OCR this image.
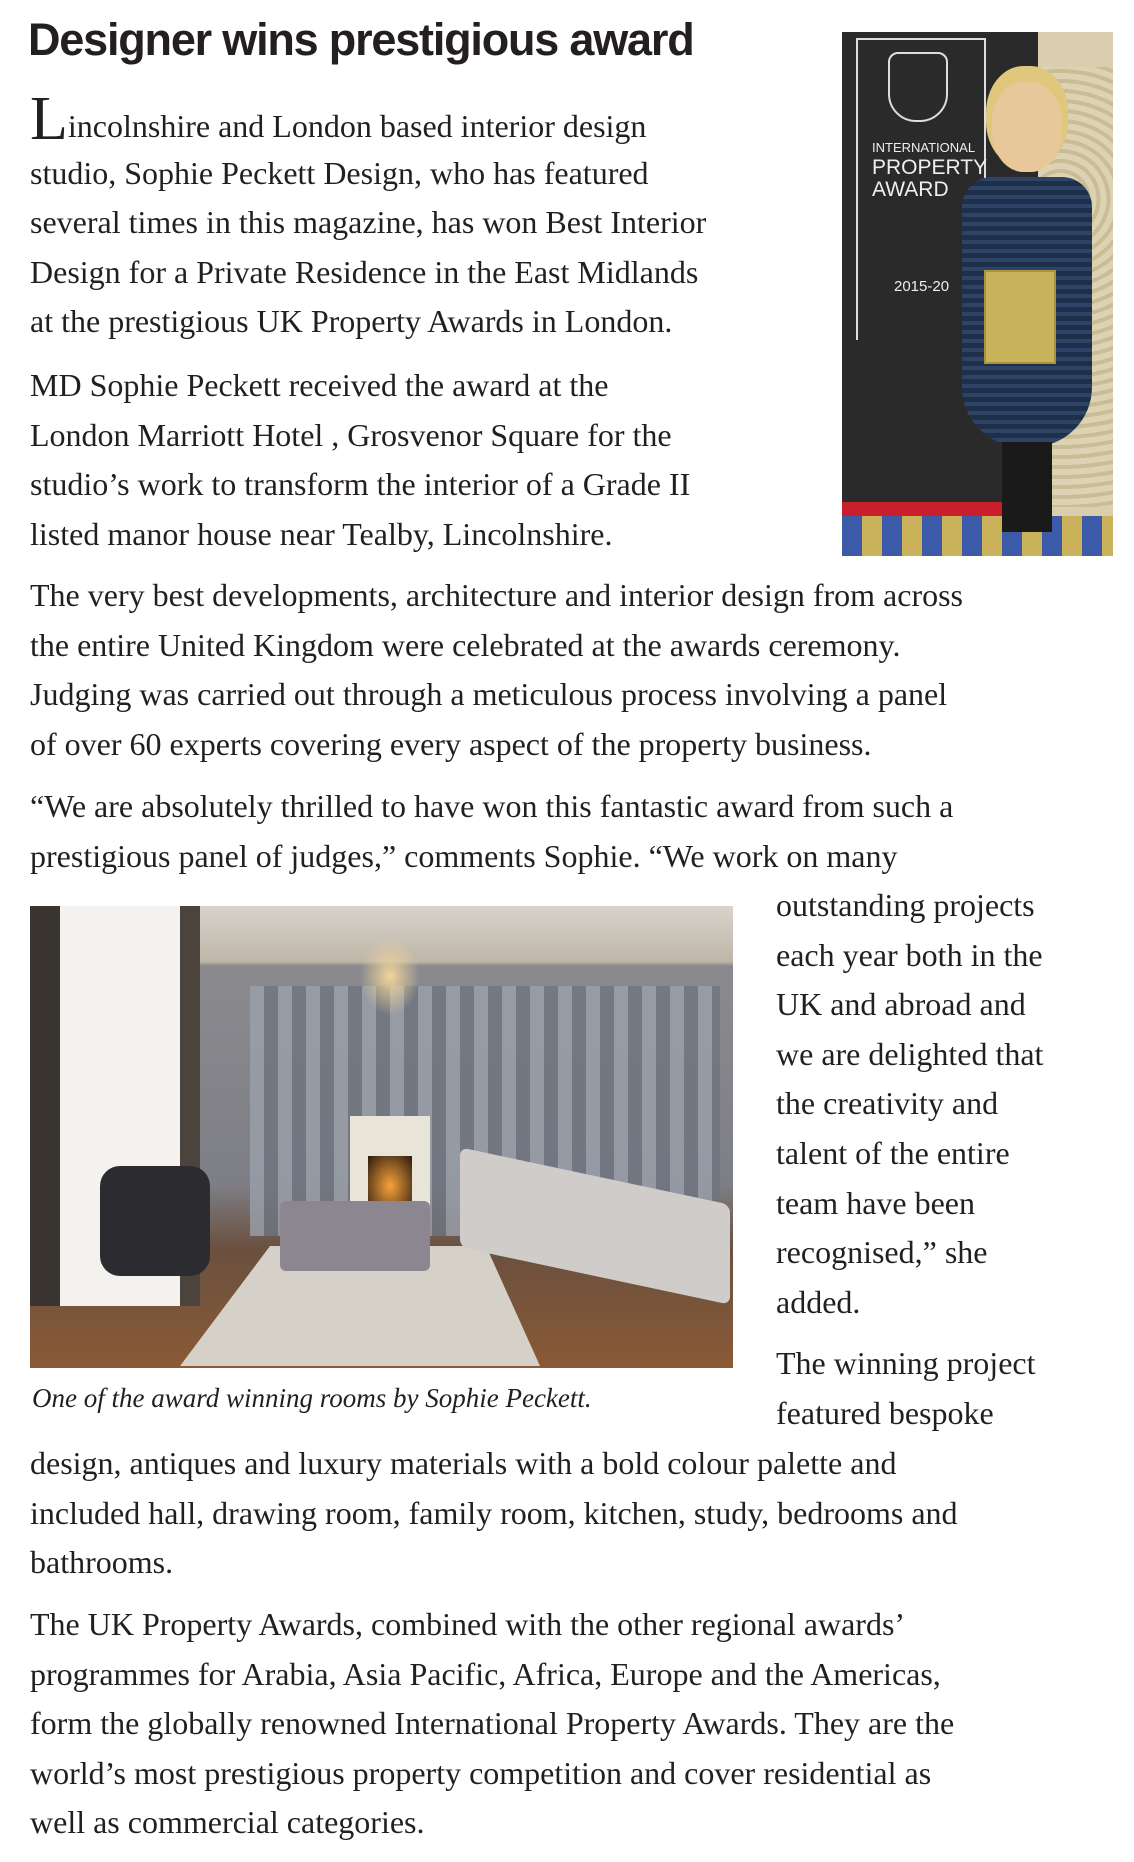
Designer wins prestigious award
Lincolnshire and London based interior design
studio, Sophie Peckett Design, who has featured
several times in this magazine, has won Best Interior
Design for a Private Residence in the East Midlands
at the prestigious UK Property Awards in London.
MD Sophie Peckett received the award at the
London Marriott Hotel , Grosvenor Square for the
studio’s work to transform the interior of a Grade II
listed manor house near Tealby, Lincolnshire.
INTERNATIONAL
PROPERTY
AWARD
2015-20
The very best developments, architecture and interior design from across
the entire United Kingdom were celebrated at the awards ceremony.
Judging was carried out through a meticulous process involving a panel
of over 60 experts covering every aspect of the property business.
“We are absolutely thrilled to have won this fantastic award from such a
prestigious panel of judges,” comments Sophie. “We work on many
outstanding projects
each year both in the
UK and abroad and
we are delighted that
the creativity and
talent of the entire
team have been
recognised,” she
added.
The winning project
featured bespoke
One of the award winning rooms by Sophie Peckett.
design, antiques and luxury materials with a bold colour palette and
included hall, drawing room, family room, kitchen, study, bedrooms and
bathrooms.
The UK Property Awards, combined with the other regional awards’
programmes for Arabia, Asia Pacific, Africa, Europe and the Americas,
form the globally renowned International Property Awards. They are the
world’s most prestigious property competition and cover residential as
well as commercial categories.
